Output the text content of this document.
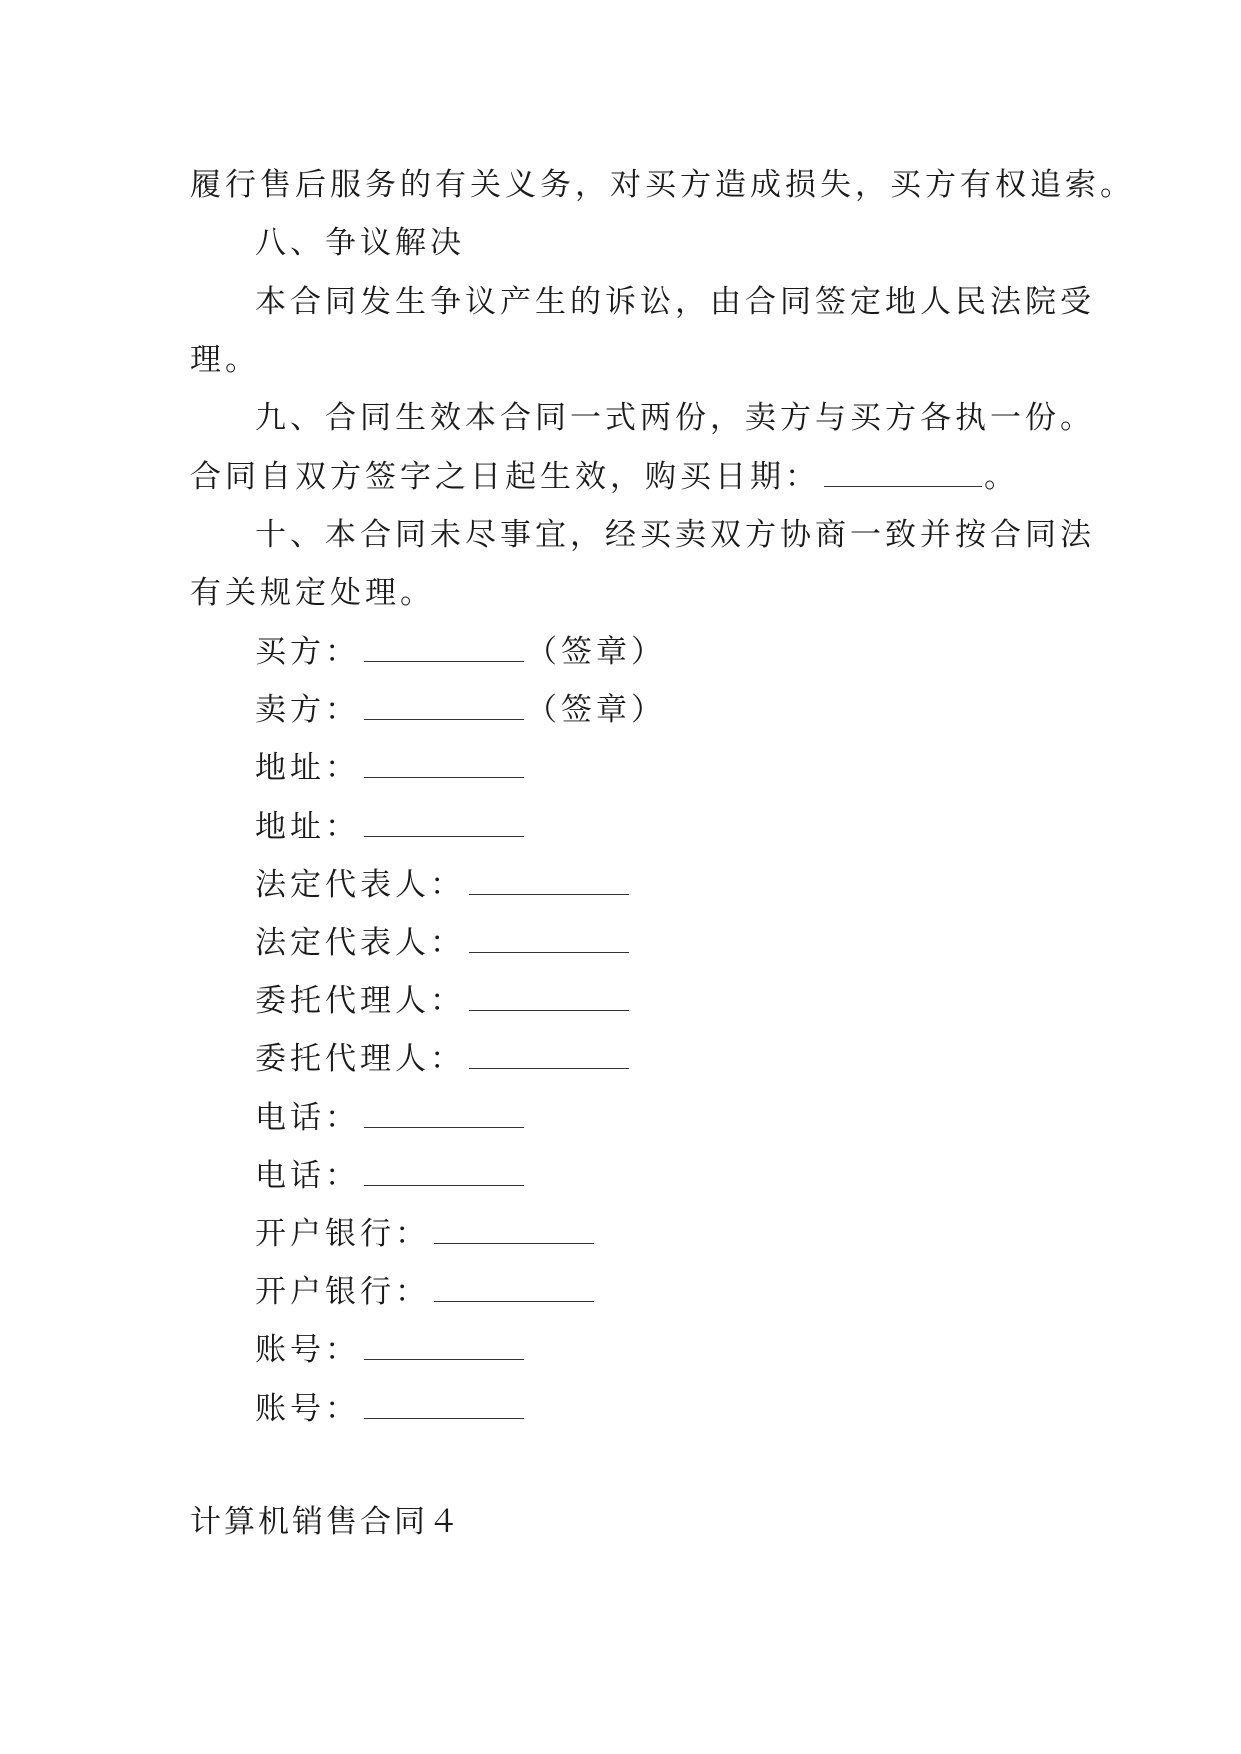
履行售后服务的有关义务，对买方造成损失，买方有权追索。
八、争议解决
本合同发生争议产生的诉讼，由合同签定地人民法院受
理。
九、合同生效本合同一式两份，卖方与买方各执一份。
合同自双方签字之日起生效，购买日期：	。
十、本合同未尽事宜，经买卖双方协商一致并按合同法
有关规定处理。
买方：	（签章）
卖方：	（签章）
地址：
地址：
法定代表人：
法定代表人：
委托代理人：
委托代理人：
电话：
电话：
开户银行：
开户银行：
账号：
账号：
计算机销售合同４
